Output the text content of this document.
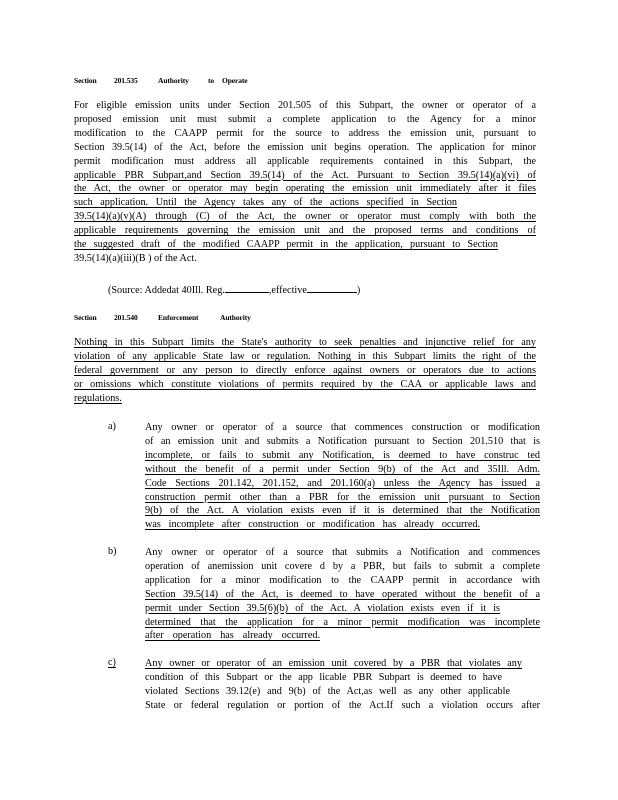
Section 201.535	Authority	to Operate
For eligible emission units under Section 201.505 of this Subpart, the owner or operator of a
proposed emission unit must submit a complete application to the Agency for a minor
modification to the CAAPP permit for the source to address the emission unit, pursuant to
Section 39.5(14) of the Act, before the emission unit begins operation. The application for minor
permit modification must address all applicable requirements contained in this Subpart, the
applicable PBR Subpart,and Section 39.5(14) of the Act. Pursuant to Section 39.5(14)(a)(vi) of
the Act, the owner or operator may begin operating the emission unit immediately after it files
such application. Until the Agency takes any of the actions specified in Section
39.5(14)(a)(v)(A) through (C) of the Act, the owner or operator must comply with both the
applicable requirements governing the emission unit and the proposed terms and conditions of
the suggested draft of the modified CAAPP permit in the application, pursuant to Section
39.5(14)(a)(iii)(B ) of the Act.
(Source: Addedat 40Ill. Reg.	,effective	)
Section 201.540	Enforcement	Authority
Nothing in this Subpart limits the State's authority to seek penalties and injunctive relief for any
violation of any applicable State law or regulation. Nothing in this Subpart limits the right of the
federal government or any person to directly enforce against owners or operators due to actions
or omissions which constitute violations of permits required by the CAA or applicable laws and
regulations.
a)	Any owner or operator of a source that commences construction or modification
of an emission unit and submits a Notification pursuant to Section 201.510 that is
incomplete, or fails to submit any Notification, is deemed to have construc ted
without the benefit of a permit under Section 9(b) of the Act and 35Ill. Adm.
Code Sections 201.142, 201.152, and 201.160(a) unless the Agency has issued a
construction permit other than a PBR for the emission unit pursuant to Section
9(b) of the Act. A violation exists even if it is determined that the Notification
was incomplete after construction or modification has already occurred.
b)	Any owner or operator of a source that submits a Notification and commences
operation of anemission unit covere d by a PBR, but fails to submit a complete
application for a minor modification to the CAAPP permit in accordance with
Section 39.5(14) of the Act, is deemed to have operated without the benefit of a
permit under Section 39.5(6)(b) of the Act. A violation exists even if it is
determined that the application for a minor permit modification was incomplete
after operation has already occurred.
c)	Any owner or operator of an emission unit covered by a PBR that violates any
condition of this Subpart or the app licable PBR Subpart is deemed to have
violated Sections 39.12(e) and 9(b) of the Act,as well as any other applicable
State or federal regulation or portion of the Act.If such a violation occurs after
